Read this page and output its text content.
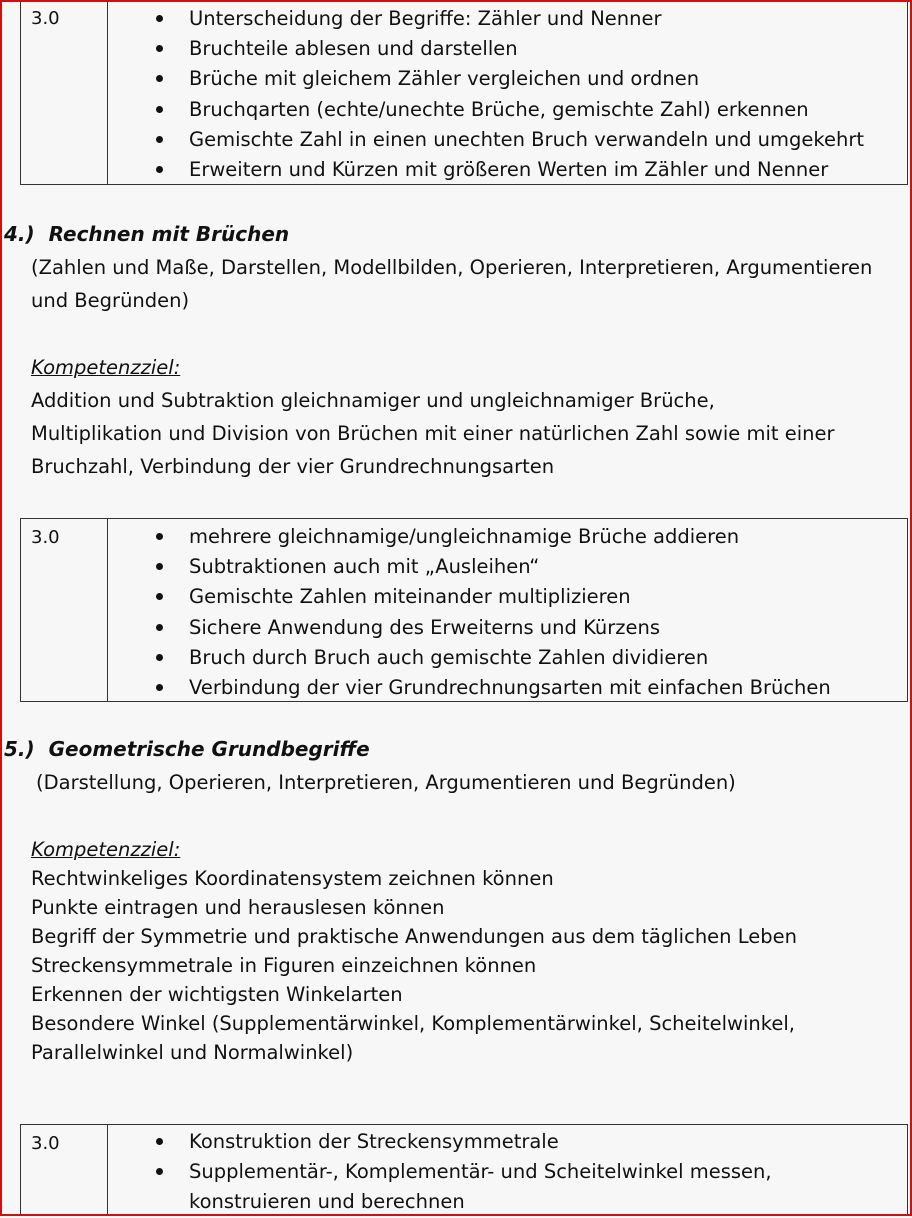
3.0	Unterscheidung der Begriffe: Zähler und Nenner
Bruchteile ablesen und darstellen
Brüche mit gleichem Zähler vergleichen und ordnen
Bruchqarten (echte/unechte Brüche, gemischte Zahl) erkennen
Gemischte Zahl in einen unechten Bruch verwandeln und umgekehrt
Erweitern und Kürzen mit größeren Werten im Zähler und Nenner
4.) Rechnen mit Brüchen
(Zahlen und Maße, Darstellen, Modellbilden, Operieren, Interpretieren, Argumentieren
und Begründen)
Kompetenzziel:
Addition und Subtraktion gleichnamiger und ungleichnamiger Brüche,
Multiplikation und Division von Brüchen mit einer natürlichen Zahl sowie mit einer
Bruchzahl, Verbindung der vier Grundrechnungsarten
3.0	mehrere gleichnamige/ungleichnamige Brüche addieren
Subtraktionen auch mit „Ausleihen“
Gemischte Zahlen miteinander multiplizieren
Sichere Anwendung des Erweiterns und Kürzens
Bruch durch Bruch auch gemischte Zahlen dividieren
Verbindung der vier Grundrechnungsarten mit einfachen Brüchen
5.) Geometrische Grundbegriffe
(Darstellung, Operieren, Interpretieren, Argumentieren und Begründen)
Kompetenzziel:
Rechtwinkeliges Koordinatensystem zeichnen können
Punkte eintragen und herauslesen können
Begriff der Symmetrie und praktische Anwendungen aus dem täglichen Leben
Streckensymmetrale in Figuren einzeichnen können
Erkennen der wichtigsten Winkelarten
Besondere Winkel (Supplementärwinkel, Komplementärwinkel, Scheitelwinkel,
Parallelwinkel und Normalwinkel)
3.0	Konstruktion der Streckensymmetrale
Supplementär-, Komplementär- und Scheitelwinkel messen, konstruieren und berechnen
